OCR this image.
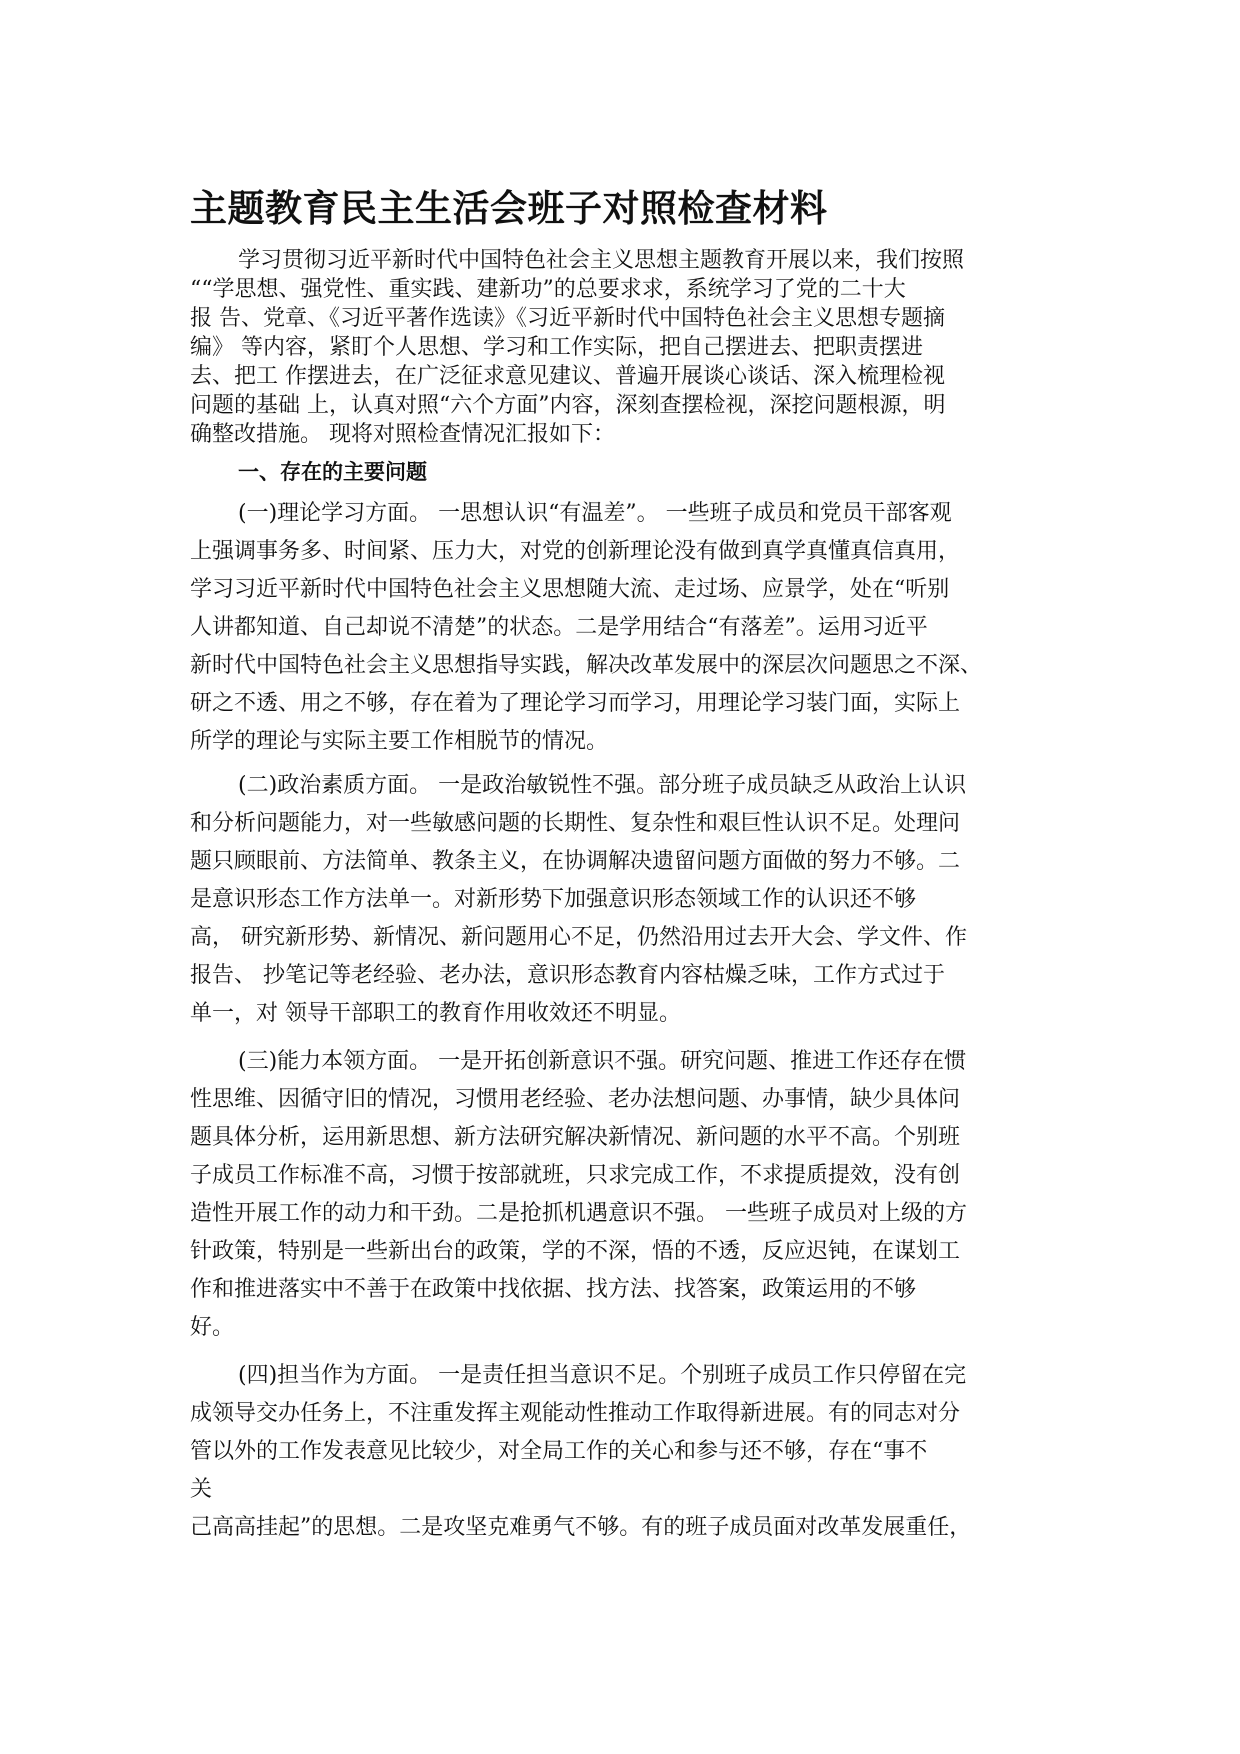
主题教育民主生活会班子对照检查材料
学习贯彻习近平新时代中国特色社会主义思想主题教育开展以来，我们按照
““学思想、强党性、重实践、建新功”的总要求求，系统学习了党的二十大
报 告、党章、《习近平著作选读》《习近平新时代中国特色社会主义思想专题摘
编》 等内容，紧盯个人思想、学习和工作实际，把自己摆进去、把职责摆进
去、把工 作摆进去，在广泛征求意见建议、普遍开展谈心谈话、深入梳理检视
问题的基础 上，认真对照“六个方面”内容，深刻查摆检视，深挖问题根源，明
确整改措施。 现将对照检查情况汇报如下：
一、存在的主要问题
(一)理论学习方面。 一思想认识“有温差”。 一些班子成员和党员干部客观
上强调事务多、时间紧、压力大，对党的创新理论没有做到真学真懂真信真用，
学习习近平新时代中国特色社会主义思想随大流、走过场、应景学，处在“听别
人讲都知道、自己却说不清楚”的状态。二是学用结合“有落差”。运用习近平
新时代中国特色社会主义思想指导实践，解决改革发展中的深层次问题思之不深、
研之不透、用之不够，存在着为了理论学习而学习，用理论学习装门面，实际上
所学的理论与实际主要工作相脱节的情况。
(二)政治素质方面。 一是政治敏锐性不强。部分班子成员缺乏从政治上认识
和分析问题能力，对一些敏感问题的长期性、复杂性和艰巨性认识不足。处理问
题只顾眼前、方法简单、教条主义，在协调解决遗留问题方面做的努力不够。二
是意识形态工作方法单一。对新形势下加强意识形态领域工作的认识还不够
高， 研究新形势、新情况、新问题用心不足，仍然沿用过去开大会、学文件、作
报告、 抄笔记等老经验、老办法，意识形态教育内容枯燥乏味，工作方式过于
单一，对 领导干部职工的教育作用收效还不明显。
(三)能力本领方面。 一是开拓创新意识不强。研究问题、推进工作还存在惯
性思维、因循守旧的情况，习惯用老经验、老办法想问题、办事情，缺少具体问
题具体分析，运用新思想、新方法研究解决新情况、新问题的水平不高。个别班
子成员工作标准不高，习惯于按部就班，只求完成工作，不求提质提效，没有创
造性开展工作的动力和干劲。二是抢抓机遇意识不强。 一些班子成员对上级的方
针政策，特别是一些新出台的政策，学的不深，悟的不透，反应迟钝，在谋划工
作和推进落实中不善于在政策中找依据、找方法、找答案，政策运用的不够
好。
(四)担当作为方面。 一是责任担当意识不足。个别班子成员工作只停留在完
成领导交办任务上，不注重发挥主观能动性推动工作取得新进展。有的同志对分
管以外的工作发表意见比较少，对全局工作的关心和参与还不够，存在“事不
关
己高高挂起”的思想。二是攻坚克难勇气不够。有的班子成员面对改革发展重任，
